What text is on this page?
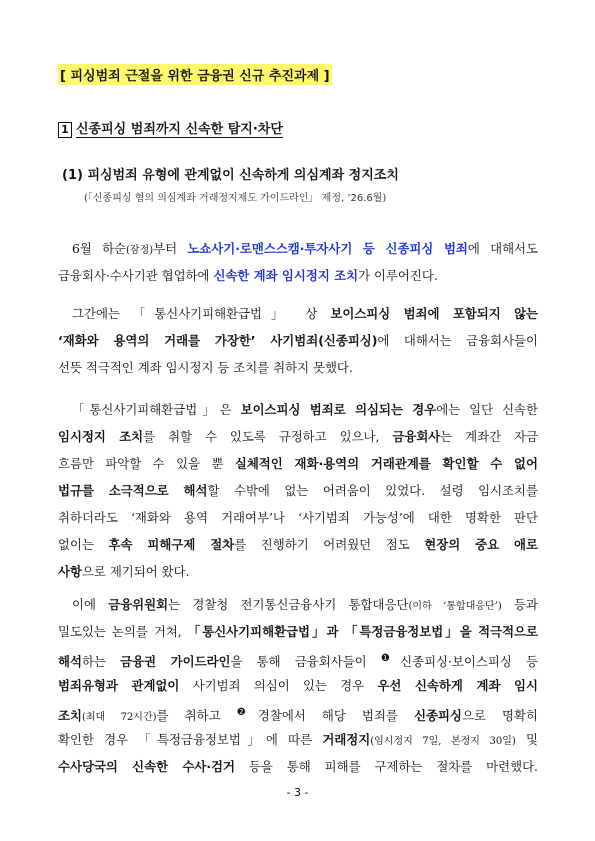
[ 피싱범죄 근절을 위한 금융권 신규 추진과제 ]
1 신종피싱 범죄까지 신속한 탐지·차단
(1) 피싱범죄 유형에 관계없이 신속하게 의심계좌 정지조치
(「신종피싱 혐의 의심계좌 거래정지제도 가이드라인」 제정, ’26.6월)
6월 하순(잠정)부터 노쇼사기·로맨스스캠·투자사기 등 신종피싱 범죄에 대해서도
금융회사·수사기관 협업하에 신속한 계좌 임시정지 조치가 이루어진다.
그간에는 「통신사기피해환급법」 상 보이스피싱 범죄에 포함되지 않는
‘재화와 용역의 거래를 가장한’ 사기범죄(신종피싱)에 대해서는 금융회사들이
선뜻 적극적인 계좌 임시정지 등 조치를 취하지 못했다.
「통신사기피해환급법」은 보이스피싱 범죄로 의심되는 경우에는 일단 신속한
임시정지 조치를 취할 수 있도록 규정하고 있으나, 금융회사는 계좌간 자금
흐름만 파악할 수 있을 뿐 실체적인 재화·용역의 거래관계를 확인할 수 없어
법규를 소극적으로 해석할 수밖에 없는 어려움이 있었다. 설령 임시조치를
취하더라도 ‘재화와 용역 거래여부’나 ‘사기범죄 가능성’에 대한 명확한 판단
없이는 후속 피해구제 절차를 진행하기 어려웠던 점도 현장의 중요 애로
사항으로 제기되어 왔다.
이에 금융위원회는 경찰청 전기통신금융사기 통합대응단(이하 ‘통합대응단’) 등과
밀도있는 논의를 거쳐, 「통신사기피해환급법」과 「특정금융정보법」을 적극적으로
해석하는 금융권 가이드라인을 통해 금융회사들이 $^❶$신종피싱·보이스피싱 등
범죄유형과 관계없이 사기범죄 의심이 있는 경우 우선 신속하게 계좌 임시
조치(최대 72시간)를 취하고 $^❷$경찰에서 해당 범죄를 신종피싱으로 명확히
확인한 경우 「특정금융정보법」에 따른 거래정지(임시정지 7일, 본정지 30일) 및
수사당국의 신속한 수사·검거 등을 통해 피해를 구제하는 절차를 마련했다.
- 3 -
